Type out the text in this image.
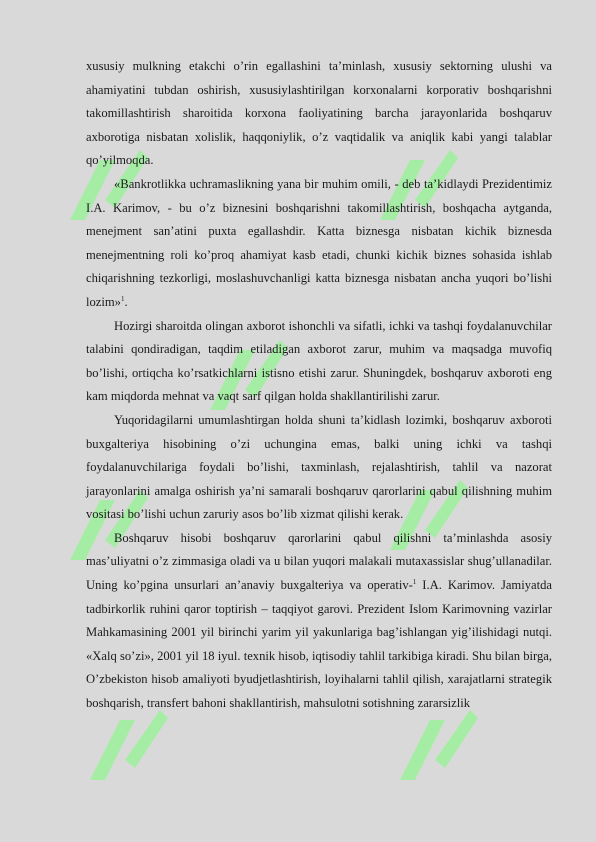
xususiy mulkning etakchi o’rin egallashini ta’minlash, xususiy sektorning ulushi va ahamiyatini tubdan oshirish, xususiylashtirilgan korxonalarni korporativ boshqarishni takomillashtirish sharoitida korxona faoliyatining barcha jarayonlarida boshqaruv axborotiga nisbatan xolislik, haqqoniylik, o’z vaqtidalik va aniqlik kabi yangi talablar qo’yilmoqda.

«Bankrotlikka uchramaslikning yana bir muhim omili, - deb ta’kidlaydi Prezidentimiz I.A. Karimov, - bu o’z biznesini boshqarishni takomillashtirish, boshqacha aytganda, menejment san’atini puxta egallashdir. Katta biznesga nisbatan kichik biznesda menejmentning roli ko’proq ahamiyat kasb etadi, chunki kichik biznes sohasida ishlab chiqarishning tezkorligi, moslashuvchanligi katta biznesga nisbatan ancha yuqori bo’lishi lozim»$^1$.

Hozirgi sharoitda olingan axborot ishonchli va sifatli, ichki va tashqi foydalanuvchilar talabini qondiradigan, taqdim etiladigan axborot zarur, muhim va maqsadga muvofiq bo’lishi, ortiqcha ko’rsatkichlarni istisno etishi zarur. Shuningdek, boshqaruv axboroti eng kam miqdorda mehnat va vaqt sarf qilgan holda shakllantirilishi zarur.

Yuqoridagilarni umumlashtirgan holda shuni ta’kidlash lozimki, boshqaruv axboroti buxgalteriya hisobining o’zi uchungina emas, balki uning ichki va tashqi foydalanuvchilariga foydali bo’lishi, taxminlash, rejalashtirish, tahlil va nazorat jarayonlarini amalga oshirish ya’ni samarali boshqaruv qarorlarini qabul qilishning muhim vositasi bo’lishi uchun zaruriy asos bo’lib xizmat qilishi kerak.

Boshqaruv hisobi boshqaruv qarorlarini qabul qilishni ta’minlashda asosiy mas’uliyatni o’z zimmasiga oladi va u bilan yuqori malakali mutaxassislar shug’ullanadilar. Uning ko’pgina unsurlari an’anaviy buxgalteriya va operativ-$^1$ I.A. Karimov. Jamiyatda tadbirkorlik ruhini qaror toptirish – taqqiyot garovi. Prezident Islom Karimovning vazirlar Mahkamasining 2001 yil birinchi yarim yil yakunlariga bag’ishlangan yig’ilishidagi nutqi. «Xalq so’zi», 2001 yil 18 iyul. texnik hisob, iqtisodiy tahlil tarkibiga kiradi. Shu bilan birga, O’zbekiston hisob amaliyoti byudjetlashtirish, loyihalarni tahlil qilish, xarajatlarni strategik boshqarish, transfert bahoni shakllantirish, mahsulotni sotishning zararsizlik
